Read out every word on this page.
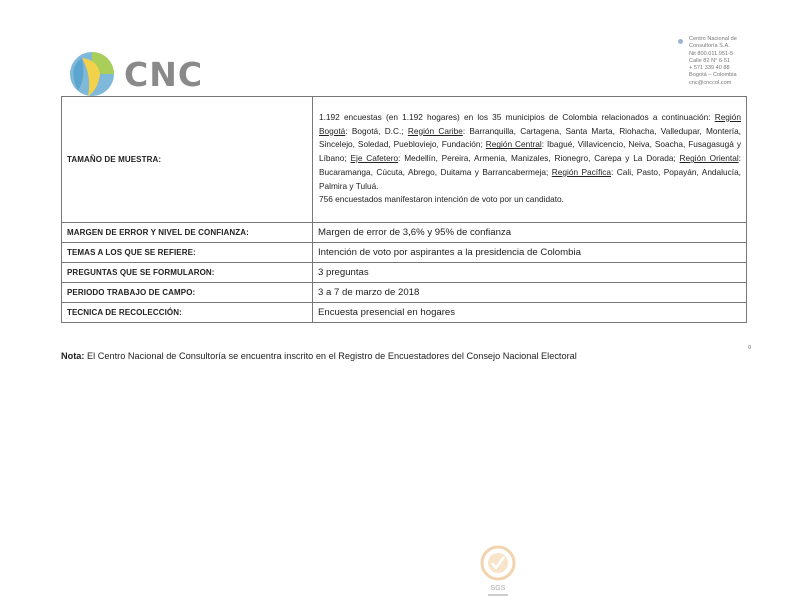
CNC
Centro Nacional de
Consultoría S.A.
Nit 800.011.951-5
Calle 82 N° 6-51
+ 571 339 40 88
Bogotá – Colombia
cnc@cnccol.com
TAMAÑO DE MUESTRA:	1.192 encuestas (en 1.192 hogares) en los 35 municipios de Colombia relacionados a continuación: Región Bogotá: Bogotá, D.C.; Región Caribe: Barranquilla, Cartagena, Santa Marta, Riohacha, Valledupar, Montería, Sincelejo, Soledad, Puebloviejo, Fundación; Región Central: Ibagué, Villavicencio, Neiva, Soacha, Fusagasugá y Líbano; Eje Cafetero: Medellín, Pereira, Armenia, Manizales, Rionegro, Carepa y La Dorada; Región Oriental: Bucaramanga, Cúcuta, Abrego, Duitama y Barrancabermeja; Región Pacífica: Cali, Pasto, Popayán, Andalucía, Palmira y Tuluá.
756 encuestados manifestaron intención de voto por un candidato.
MARGEN DE ERROR Y NIVEL DE CONFIANZA:	Margen de error de 3,6% y 95% de confianza
TEMAS A LOS QUE SE REFIERE:	Intención de voto por aspirantes a la presidencia de Colombia
PREGUNTAS QUE SE FORMULARON:	3 preguntas
PERIODO TRABAJO DE CAMPO:	3 a 7 de marzo de 2018
TECNICA DE RECOLECCIÓN:	Encuesta presencial en hogares
¤
Nota: El Centro Nacional de Consultoría se encuentra inscrito en el Registro de Encuestadores del Consejo Nacional Electoral
SGS
